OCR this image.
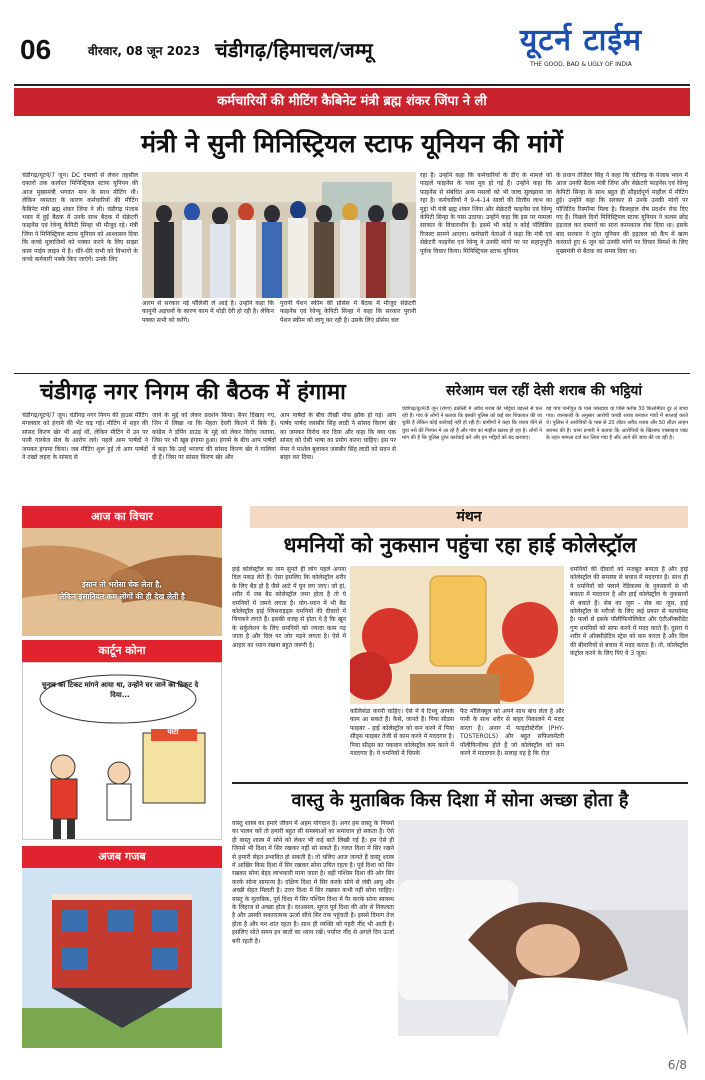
06	वीरवार, 08 जून 2023 चंडीगढ़/हिमाचल/जम्मू	यूटर्न टाईम
THE GOOD, BAD & UGLY OF INDIA
कर्मचारियों की मीटिंग कैबिनेट मंत्री ब्रह्म शंकर जिंपा ने ली
मंत्री ने सुनी मिनिस्ट्रियल स्टाफ यूनियन की मांगें
चंडीगढ़/यूटर्न/7 जून। DC दफ्तरों से लेकर तहसील दफ्तरों तक कार्यरत मिनिस्ट्रियल स्टाफ यूनियन की आज मुख्यमंत्री भगवंत मान के साथ मीटिंग थी। लेकिन व्यस्तता के कारण कर्मचारियों की मीटिंग कैबिनेट मंत्री ब्रह्म शंकर जिंपा ने ली। चंडीगढ़ पंजाब भवन में हुई बैठक में उनके साथ बैठक में सेक्रेटरी फाइनेंस एवं रेवेन्यू कैपिटी सिन्हा भी मौजूद रहे। मंत्री जिंपा ने मिनिस्ट्रियल स्टाफ यूनियन को आश्वासन दिया कि कच्चे मुलाजिमों को पक्का करने के लिए साझा काम पाईप लाइन में है। धीरे-धीरे सभी को विभागों के कच्चे कर्मचारी पक्के किए जाएंगे। उनके लिए
आरम से सरकार नई पॉलिसी ले आई है। उन्होंने कहा कि कानूनी अड़चनों के कारण काम में थोड़ी देरी हो रही है। लेकिन पक्का सभी को करेंगे।
पुरानी पेंशन स्कीम की प्रोसेस में बैठक में मौजूद सेक्रेटरी फाइनेंस एवं रेवेन्यू केपिटी सिन्हा ने कहा कि सरकार पुरानी पेंशन स्कीम को लागू कर रही है। उसके लिए प्रोसेस चल
रहा है। उन्होंने कहा कि कर्मचारियों के डीए के मामले को फाइलें फाइनेंस के पास मूव हो गई हैं। उन्होंने कहा कि फाइनेंस से संबंधित अन्य मसलों को भी जल्द सुलझाया जा रहा है। कर्मचारियों ने 9-4-14 सालों की वित्तीय लाभ का मुद्दा भी मंत्री ब्रह्म शंकर जिंपा और सेक्रेटरी फाइनेंस एवं रेवेन्यू केपिटी सिन्हा के पास उठाया। उन्होंने कहा कि इस पर मामला सरकार के विचाराधीन है। इसमें भी कोई न कोई पॉलिसिय रिजल्ट सामने आएगा। कर्मचारी नेताओं ने कहा कि मंत्री एवं सेक्रेटरी फाइनेंस एवं रेवेन्यू ने उनकी मांगों पर पर सहानुभूति पूर्वक विचार किया। मिनिस्ट्रियल स्टाफ यूनियन
के प्रधान तेजिंदर सिंह ने कहा कि चंडीगढ़ के पंजाब भवन में आज उनकी बैठक मंत्री जिंपा और सेक्रेटरी फाइनेंस एवं रेवेन्यू केपिटी सिन्हा के साथ बहुत ही सौहार्दपूर्ण माहौल में मीटिंग हुई। उन्होंने कहा कि सरकार से उनके उनकी मांगों पर पॉजिटिव रिस्पॉन्स मिला है। फिलहाल रोष प्रदर्शन रोक दिए गए हैं। पिछले दिनों मिनिस्ट्रियल स्टाफ यूनियन ने कलम छोड़ हड़ताल कर दफ्तरों का सारा कामकाज रोक दिया था। इसके बाद सरकार ने तुरंत यूनियन की हड़ताल को कैंप में खत्म करवाते हुए 6 जून को उनकी मांगों पर विचार विमर्श के लिए मुख्यमंत्री से बैठक का समय दिया था।
चंडीगढ़ नगर निगम की बैठक में हंगामा
चंडीगढ़/यूटर्न/7 जून। चंडीगढ़ नगर निगम की हाउस मीटिंग मंगलवार को हंगामे की भेंट चढ़ गई। मीटिंग में शहर की सांसद किरण खेर भी आई थीं, लेकिन मीटिंग में उन पर पानी गारबेज सेल के आरोप लगे। पहले आम पार्षदों ने जमकर हंगामा किया। जब मीटिंग शुरू हुई तो आप पार्षदों ने तख्ते लहरा के सांसद से
जाने के मुद्दे को लेकर प्रदर्शन किया। बैनर दिखाए गए, जिन में लिखा था कि मेहता देवरी कितने में बिके हैं। कांग्रेस ने डंपिंग ग्राउंड के मुद्दे को लेकर विरोध जताया, जिस पर भी खूब हंगामा हुआ। हंगामे के बीच आप पार्षदों ने कहा कि उन्हें भाजपा की सांसद किरण खेर ने गालियां दी हैं। जिस पर सांसद किरण खेर और
आप पार्षदों के बीच तीखी नोक झोंक हो गई। आप पार्षद पार्षद जसबीर सिंह लाडी ने सांसद किरण खेर का जमकर विरोध कर दिया और कहा कि क्या एक सांसद को ऐसी भाषा का प्रयोग करना चाहिए। इस पर मेयर ने मार्शल बुलाकर जसबीर सिंह लाडी को सदन से बाहर कर दिया।
सरेआम चल रहीं देसी शराब की भट्ठियां
चंडीगढ़/यूटर्न/8 जून (राणा) ढकौली में अवैध शराब की भट्ठियां धड़ल्ले से चल रही हैं। गांव के लोगों ने बताया कि इसकी पुलिस को कई बार शिकायत की जा चुकी है लेकिन कोई कार्रवाई नहीं हो रही है। ग्रामीणों ने कहा कि शराब पीने से युवा नशे की गिरफ्त में आ रहे हैं और गांव का माहौल खराब हो रहा है। लोगों ने मांग की है कि पुलिस तुरंत कार्रवाई करे और इन भट्ठियों को बंद करवाए।
वह पांच पानीपुत के पास पकड़ाया था जिसे करीब 30 किलोमीटर दूर ले जाया गया। जानकारी के अनुसार आरोपी कच्ची शराब बनाकर गांवों में सप्लाई करते थे। पुलिस ने आरोपियों के पास से 20 लीटर अवैध शराब और 50 लीटर लाहन बरामद की है। थाना प्रभारी ने बताया कि आरोपियों के खिलाफ एक्साइज एक्ट के तहत मामला दर्ज कर लिया गया है और आगे की जांच की जा रही है।
मंथन
आज का विचार
इंसान तो भरोसा चेक लेता है,
लेकिन इंसानियत कम लोगों की ही देख लेती है
कार्टून कोना
चुनाव का टिकट मांगने आया था, उन्होंने घर जाने का टिकट दे दिया...
पार्टी
अजब गजब
धमनियों को नुकसान पहुंचा रहा हाई कोलेस्ट्रॉल
हाई कोलेस्ट्रॉल का नाम सुनते ही लोग पहले अपना दिल पकड़ लेते हैं। ऐसा इसलिए कि कोलेस्ट्रॉल शरीर के लिए बैड हो है जैसे आटे में घुन लग जाए। जो हां, शरीर में जब बैड कोलेस्ट्रॉल जमा होता है तो ये धमनियों में जमने लगता है। योग-ध्यान में भी बैड कोलेस्ट्रॉल हाई ग्लिसराइड्स धमनियों की दीवारों में चिपकने लगते हैं। इसकी वजह से होता ये है कि खून के सर्कुलेशन के लिए धमनियों को ज्यादा काम पड़ जाता है और दिल पर जोर पड़ने लगता है। ऐसे में आहार का ध्यान रखना बहुत जरूरी है।
कोलिसंडा करनी चाहिए। ऐसे में ये टिश्यू आपके काम आ सकते हैं। कैसे, जानते हैं। पिया सीडस फाइबर - हाई कोलेस्ट्रॉल को कम करने में पिया सीड्स फाइबर तेजी से काम करने में मददगार है। पिया सीड्स का पकवान कोलेस्ट्रॉल कम करने में मददगार है। ये धमनियों में चिपके
फैट मॉलिक्यूल को अपने साथ बांध लेता है और पानी के साथ शरीर से बाहर निकालने में मदद करता है। अनार में फाइटोस्टेरॉल (PHY-TOSTEROLS) और बहुत सफिलामेंटरी पॉलीफिनॉल्स होते हैं जो कोलेस्ट्रॉल को कम करने में मददगार है। सलाह यह है कि रोज़
धमनियों की दीवारों को मजबूत बनाता है और हाई कोलेस्ट्रॉल की समस्या से बचाव में मददगार है। साथ ही ये धमनियों को फ्लाने रेडिकल्स के नुकसानों से भी बचाता में मददगार है और हाई कोलेस्ट्रॉल के नुकसानों से बचाते हैं। सेब का जूस - सेब का जूस, हाई कोलेस्ट्रॉल के मरीजों के लिए कई प्रकार से फायदेमंद है। फलों से इसके पॉलीफिनोलिकेट और एंटीऑक्सीडेंट गुण धमनियों को साफ करने में मदद करते हैं। दूसरा ये शरीर में ऑक्सीडेटिव स्ट्रेस को कम करता है और दिल की बीमारियों से बचाव में मदद करता है। तो, कोलेस्ट्रॉल कंट्रोल करने के लिए पिएं ये 3 जूस।
वास्तु के मुताबिक किस दिशा में सोना अच्छा होता है
वास्तु शास्त्र का हमारे जीवन में अहम योगदान है। अगर हम वास्तु के नियमों का पालन करें तो हमारी बहुत सी समस्याओं का समाधान हो सकता है। ऐसे ही वास्तु शास्त्र में सोने को लेकर भी कई बातें लिखी गई हैं। हम ऐसे ही जिनसे भी दिशा में सिर रखकर नहीं सो सकते हैं। गलत दिशा में सिर रखने से हमारी सेहत प्रभावित हो सकती है। तो चलिए आज जानते हैं वास्तु शास्त्र में आखिर किस दिशा में सिर रखकर सोना उचित रहता है। पूर्व दिशा को सिर रखकर सोना बेहद लाभकारी माना जाता है। वहीं पश्चिम दिशा की ओर सिर करके सोना सामान्य है। दक्षिण दिशा में सिर करके सोने से लंबी आयु और अच्छी सेहत मिलती है। उत्तर दिशा में सिर रखकर कभी नहीं सोना चाहिए। वास्तु के मुताबिक, पूर्व दिशा में सिर पश्चिम दिशा में पैर करके सोना स्वास्थ्य के लिहाज से अच्छा होता है। दरअसल, सूरज पूर्व दिशा की ओर से निकलता है और उसकी सकारात्मक ऊर्जा सीधे सिर तक पहुंचती है। इससे दिमाग तेज होता है और मन शांत रहता है। साथ ही व्यक्ति को गहरी नींद भी आती है। इसलिए सोते समय इन बातों का ध्यान रखें। पर्याप्त नींद से अगले दिन ऊर्जा बनी रहती है।
6/8
